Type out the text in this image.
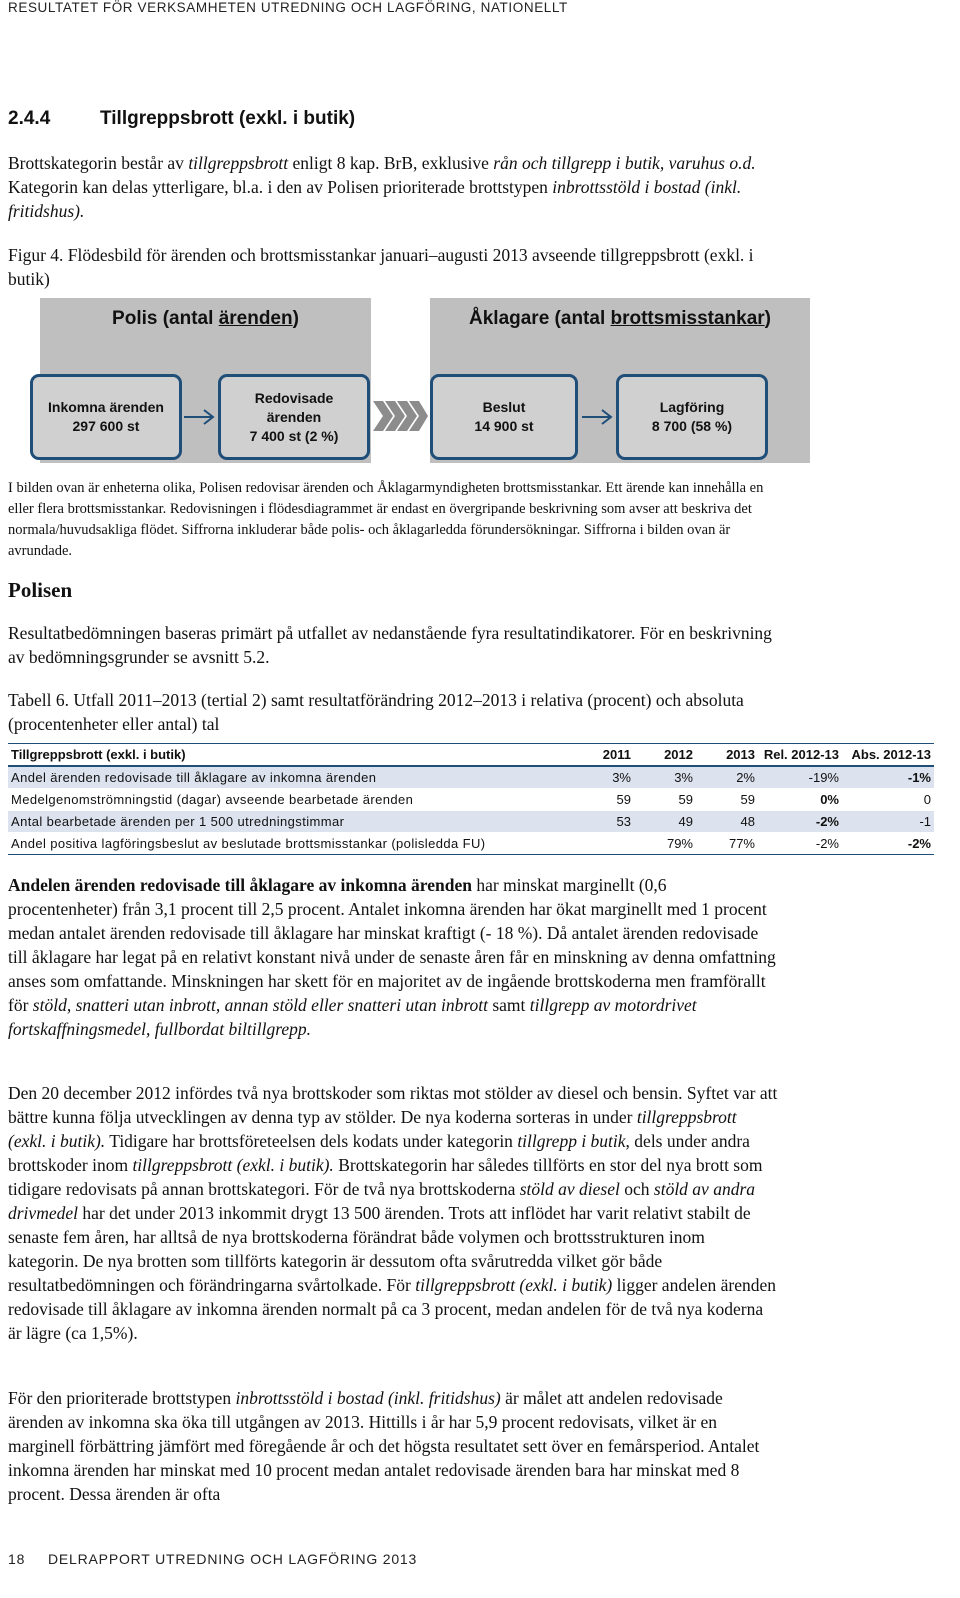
RESULTATET FÖR VERKSAMHETEN UTREDNING OCH LAGFÖRING, NATIONELLT
2.4.4	Tillgreppsbrott (exkl. i butik)
Brottskategorin består av tillgreppsbrott enligt 8 kap. BrB, exklusive rån och tillgrepp i butik, varuhus o.d. Kategorin kan delas ytterligare, bl.a. i den av Polisen prioriterade brottstypen inbrottsstöld i bostad (inkl. fritidshus).
Figur 4. Flödesbild för ärenden och brottsmisstankar januari–augusti 2013 avseende tillgreppsbrott (exkl. i butik)
Polis (antal ärenden)	Åklagare (antal brottsmisstankar)
Inkomna ärenden
297 600 st
Redovisade
ärenden
7 400 st (2 %)
Beslut
14 900 st
Lagföring
8 700 (58 %)
I bilden ovan är enheterna olika, Polisen redovisar ärenden och Åklagarmyndigheten brottsmisstankar. Ett ärende kan innehålla en eller flera brottsmisstankar. Redovisningen i flödesdiagrammet är endast en övergripande beskrivning som avser att beskriva det normala/huvudsakliga flödet. Siffrorna inkluderar både polis- och åklagarledda förundersökningar. Siffrorna i bilden ovan är avrundade.
Polisen
Resultatbedömningen baseras primärt på utfallet av nedanstående fyra resultatindikatorer. För en beskrivning av bedömningsgrunder se avsnitt 5.2.
Tabell 6. Utfall 2011–2013 (tertial 2) samt resultatförändring 2012–2013 i relativa (procent) och absoluta (procentenheter eller antal) tal
Tillgreppsbrott (exkl. i butik)	2011	2012	2013	Rel. 2012-13	Abs. 2012-13
Andel ärenden redovisade till åklagare av inkomna ärenden	3%	3%	2%	-19%	-1%
Medelgenomströmningstid (dagar) avseende bearbetade ärenden	59	59	59	0%	0
Antal bearbetade ärenden per 1 500 utredningstimmar	53	49	48	-2%	-1
Andel positiva lagföringsbeslut av beslutade brottsmisstankar (polisledda FU)		79%	77%	-2%	-2%
Andelen ärenden redovisade till åklagare av inkomna ärenden har minskat marginellt (0,6 procentenheter) från 3,1 procent till 2,5 procent. Antalet inkomna ärenden har ökat marginellt med 1 procent medan antalet ärenden redovisade till åklagare har minskat kraftigt (- 18 %). Då antalet ärenden redovisade till åklagare har legat på en relativt konstant nivå under de senaste åren får en minskning av denna omfattning anses som omfattande. Minskningen har skett för en majoritet av de ingående brottskoderna men framförallt för stöld, snatteri utan inbrott, annan stöld eller snatteri utan inbrott samt tillgrepp av motordrivet fortskaffningsmedel, fullbordat biltillgrepp.
Den 20 december 2012 infördes två nya brottskoder som riktas mot stölder av diesel och bensin. Syftet var att bättre kunna följa utvecklingen av denna typ av stölder. De nya koderna sorteras in under tillgreppsbrott (exkl. i butik). Tidigare har brottsföreteelsen dels kodats under kategorin tillgrepp i butik, dels under andra brottskoder inom tillgreppsbrott (exkl. i butik). Brottskategorin har således tillförts en stor del nya brott som tidigare redovisats på annan brottskategori. För de två nya brottskoderna stöld av diesel och stöld av andra drivmedel har det under 2013 inkommit drygt 13 500 ärenden. Trots att inflödet har varit relativt stabilt de senaste fem åren, har alltså de nya brottskoderna förändrat både volymen och brottsstrukturen inom kategorin. De nya brotten som tillförts kategorin är dessutom ofta svårutredda vilket gör både resultatbedömningen och förändringarna svårtolkade. För tillgreppsbrott (exkl. i butik) ligger andelen ärenden redovisade till åklagare av inkomna ärenden normalt på ca 3 procent, medan andelen för de två nya koderna är lägre (ca 1,5%).
För den prioriterade brottstypen inbrottsstöld i bostad (inkl. fritidshus) är målet att andelen redovisade ärenden av inkomna ska öka till utgången av 2013. Hittills i år har 5,9 procent redovisats, vilket är en marginell förbättring jämfört med föregående år och det högsta resultatet sett över en femårsperiod. Antalet inkomna ärenden har minskat med 10 procent medan antalet redovisade ärenden bara har minskat med 8 procent. Dessa ärenden är ofta
18 DELRAPPORT UTREDNING OCH LAGFÖRING 2013
